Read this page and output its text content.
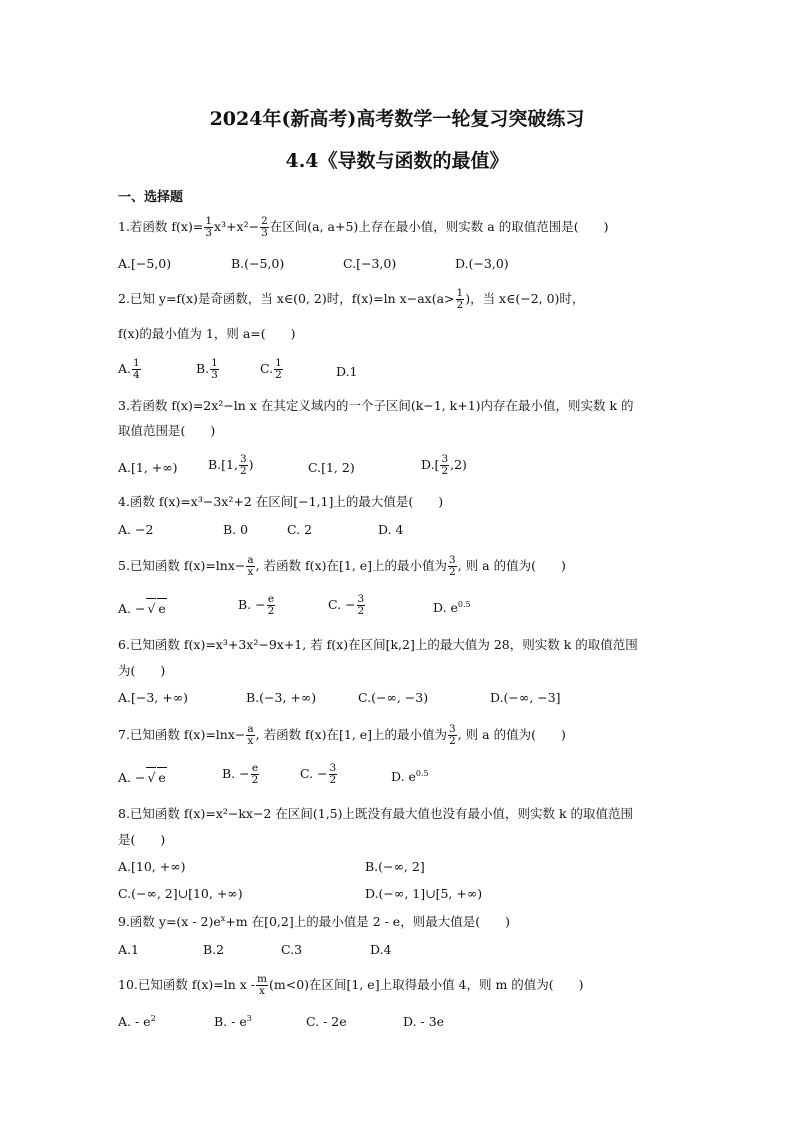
2024年(新高考)高考数学一轮复习突破练习
4.4《导数与函数的最值》
一、选择题
1.若函数 $f(x)= \frac{1}{3} x^3+x^2- \frac{2}{3}$ 在区间(a, a+5)上存在最小值，则实数 a 的取值范围是(　　)
A.[−5,0)	B.(−5,0)	C.[−3,0)	D.(−3,0)
2.已知 y=f(x)是奇函数，当 x∈(0, 2)时，f(x)=ln $x-ax(a> \frac{1}{2}$ )，当 x∈(−2, 0)时，
f(x)的最小值为 1，则 a=(　　)
A. $\frac{1}{4}$	B. $\frac{1}{3}$	C. $\frac{1}{2}$	D.1
3.若函数 f(x)=2x²−ln x 在其定义域内的一个子区间(k−1, k+1)内存在最小值，则实数 k 的
取值范围是(　　)
A.[1, +∞) B.[1, $\frac{3}{2}$ )	C.[1, 2)	$D.[ \frac{3}{2} ,2)$
4.函数 f(x)=x³−3x²+2 在区间[−1,1]上的最大值是(　　)
A. −2	B. 0	C. 2	D. 4
5.已知函数 $f(x)=\ln x- \frac{a}{x}$ , 若函数 f(x)在[1, e]上的最小值为 $\frac{3}{2}$ , 则 a 的值为(　　)
A. − √ e	B. − $\frac{e}{2}$	C. − $\frac{3}{2}$	D. $e^{0.5}$
6.已知函数 f(x)=x³+3x²−9x+1, 若 f(x)在区间[k,2]上的最大值为 28，则实数 k 的取值范围
为(　　)
A.[−3, +∞)	B.(−3, +∞)	C.(−∞, −3)	D.(−∞, −3]
7.已知函数 $f(x)=\ln x- \frac{a}{x}$ , 若函数 f(x)在[1, e]上的最小值为 $\frac{3}{2}$ , 则 a 的值为(　　)
A. − √ e	B. − $\frac{e}{2}$	C. − $\frac{3}{2}$	D. $e^{0.5}$
8.已知函数 f(x)=x²−kx−2 在区间(1,5)上既没有最大值也没有最小值，则实数 k 的取值范围
是(　　)
A.[10, +∞)	B.(−∞, 2]
C.(−∞, 2]∪[10, +∞)	D.(−∞, 1]∪[5, +∞)
9.函数 $y=(x - 2)e^x+m$ 在[0,2]上的最小值是 2 - e，则最大值是(　　)
A.1	B.2	C.3	D.4
10.已知函数 f(x)=ln $x - \frac{m}{x} (m<0)$在区间[1, e]上取得最小值 4，则 m 的值为(　　)
A. - $e^2$	B. - $e^3$	C. - 2e	D. - 3e
